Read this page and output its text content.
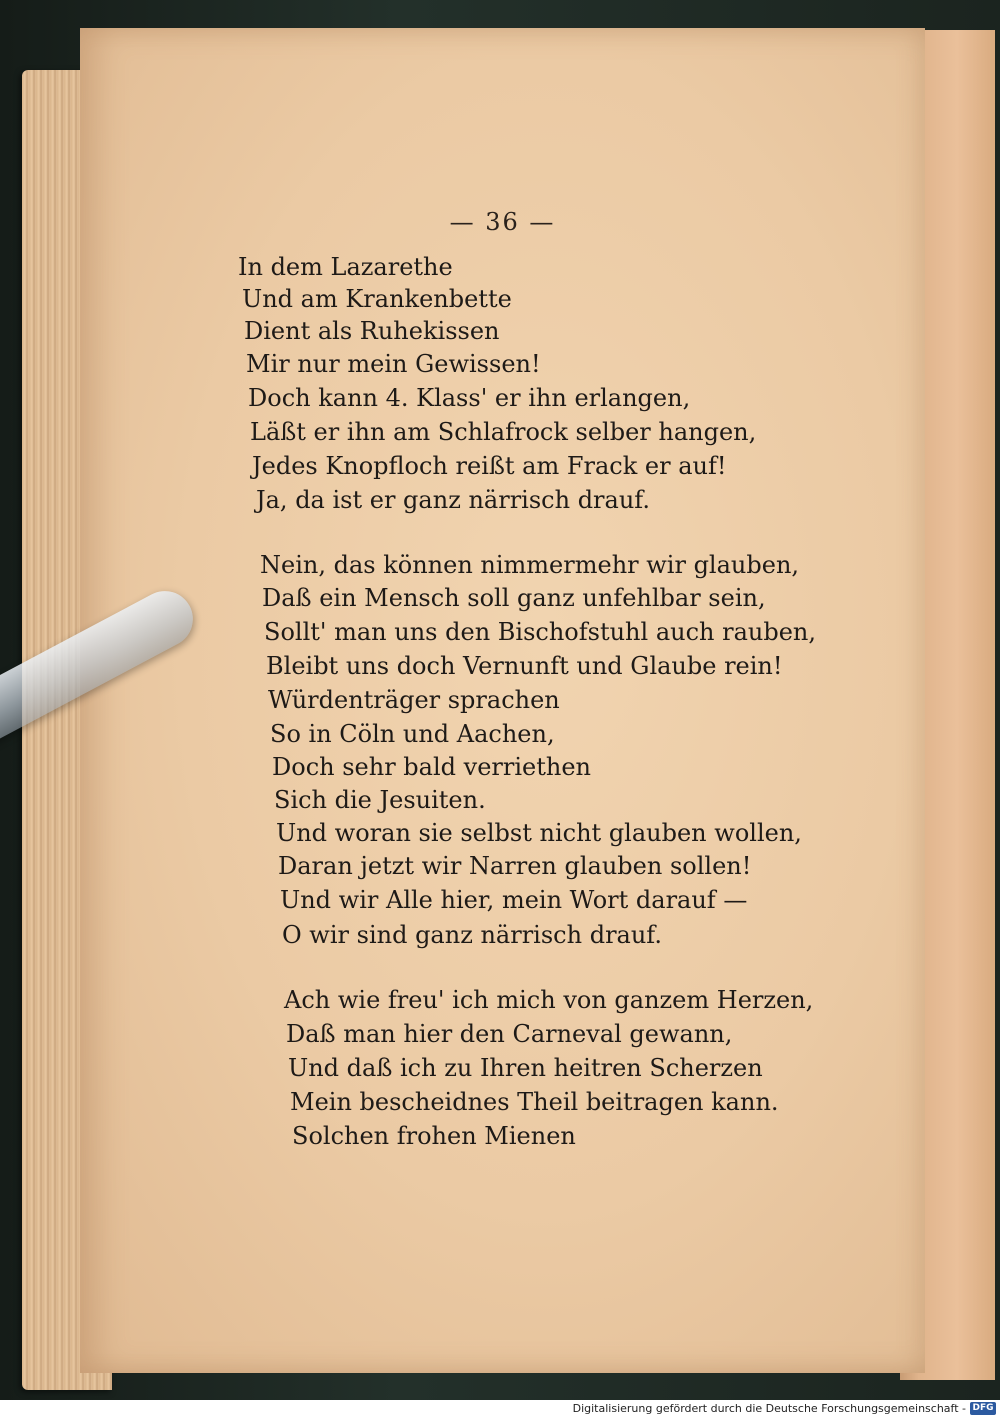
— 36 —
In dem Lazarethe
Und am Krankenbette
Dient als Ruhekissen
Mir nur mein Gewissen!
Doch kann 4. Klass' er ihn erlangen,
Läßt er ihn am Schlafrock selber hangen,
Jedes Knopfloch reißt am Frack er auf!
Ja, da ist er ganz närrisch drauf.
Nein, das können nimmermehr wir glauben,
Daß ein Mensch soll ganz unfehlbar sein,
Sollt' man uns den Bischofstuhl auch rauben,
Bleibt uns doch Vernunft und Glaube rein!
Würdenträger sprachen
So in Cöln und Aachen,
Doch sehr bald verriethen
Sich die Jesuiten.
Und woran sie selbst nicht glauben wollen,
Daran jetzt wir Narren glauben sollen!
Und wir Alle hier, mein Wort darauf —
O wir sind ganz närrisch drauf.
Ach wie freu' ich mich von ganzem Herzen,
Daß man hier den Carneval gewann,
Und daß ich zu Ihren heitren Scherzen
Mein bescheidnes Theil beitragen kann.
Solchen frohen Mienen
Digitalisierung gefördert durch die Deutsche Forschungsgemeinschaft - DFG
